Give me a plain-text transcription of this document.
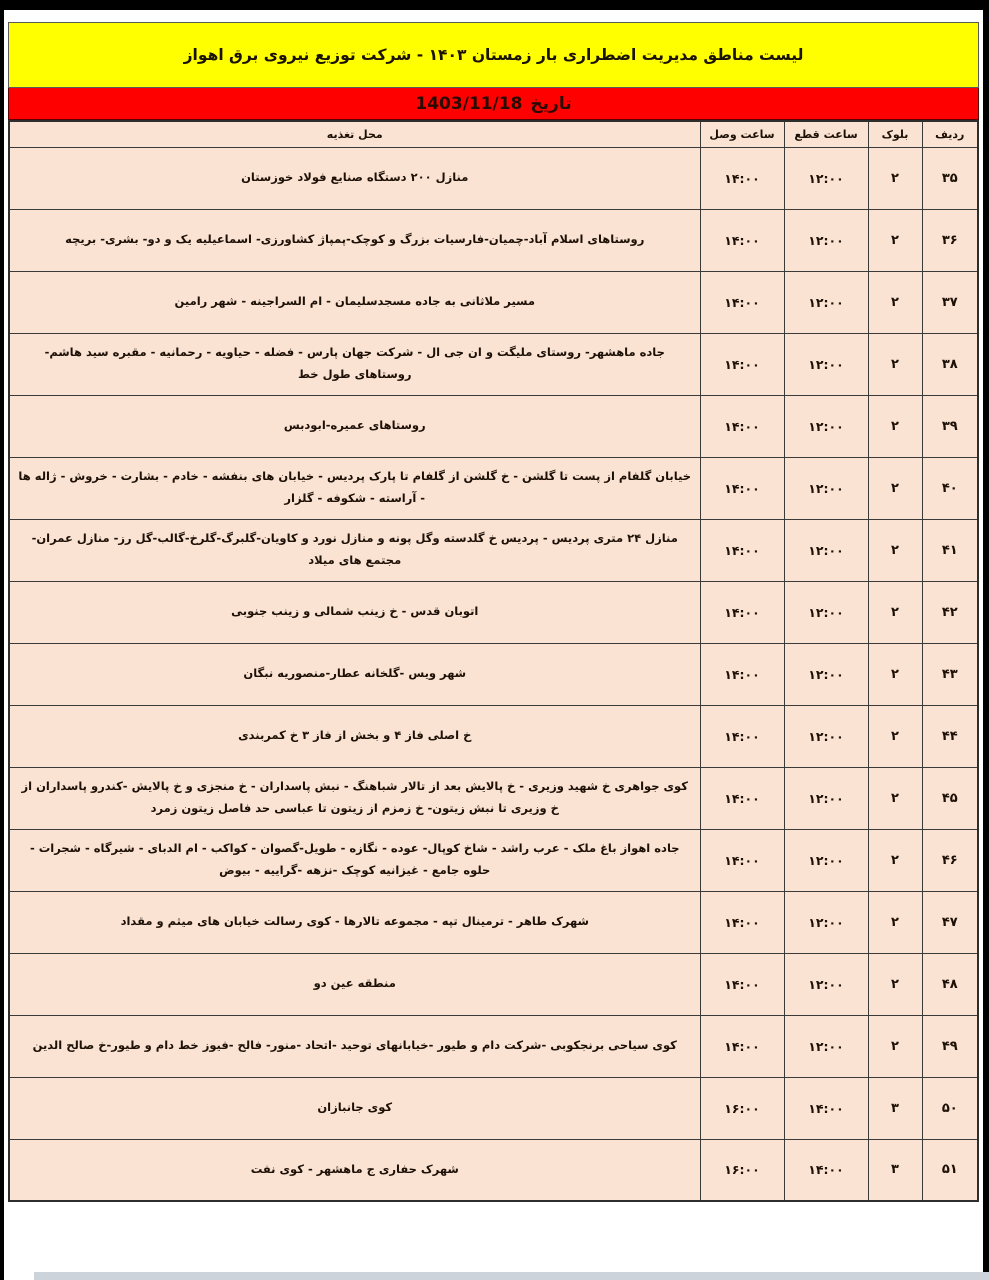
لیست مناطق مدیریت اضطراری بار زمستان ۱۴۰۳ - شرکت توزیع نیروی برق اهواز
تاریخ
1403/11/18
ردیف	بلوک	ساعت قطع	ساعت وصل	محل تغذیه
۳۵	۲	۱۲:۰۰	۱۴:۰۰	منازل ۲۰۰ دستگاه صنایع فولاد خوزستان
۳۶	۲	۱۲:۰۰	۱۴:۰۰	روستاهای اسلام آباد-چمیان-فارسیات بزرگ و کوچک-پمپاژ کشاورزی- اسماعیلیه یک و دو- بشری- بریچه
۳۷	۲	۱۲:۰۰	۱۴:۰۰	مسیر ملاثانی به جاده مسجدسلیمان - ام السراجینه - شهر رامین
۳۸	۲	۱۲:۰۰	۱۴:۰۰	جاده ماهشهر- روستای ملیگت و ان جی ال - شرکت جهان پارس - فضله - حیاویه - رحمانیه - مقبره سید هاشم- روستاهای طول خط
۳۹	۲	۱۲:۰۰	۱۴:۰۰	روستاهای عمیره-ابودبس
۴۰	۲	۱۲:۰۰	۱۴:۰۰	خیابان گلفام از پست تا گلشن - خ گلشن از گلفام تا پارک پردیس - خیابان های بنفشه - خادم - بشارت - خروش - ژاله ها - آراسته - شکوفه - گلزار
۴۱	۲	۱۲:۰۰	۱۴:۰۰	منازل ۲۴ متری پردیس - پردیس خ گلدسته وگل پونه و منازل نورد و کاویان-گلبرگ-گلرخ-گالب-گل رز- منازل عمران-مجتمع های میلاد
۴۲	۲	۱۲:۰۰	۱۴:۰۰	اتوبان قدس - خ زینب شمالی و زینب جنوبی
۴۳	۲	۱۲:۰۰	۱۴:۰۰	شهر ویس -گلخانه عطار-منصوریه نبگان
۴۴	۲	۱۲:۰۰	۱۴:۰۰	خ اصلی فاز ۴ و بخش از فاز ۳ خ کمربندی
۴۵	۲	۱۲:۰۰	۱۴:۰۰	کوی جواهری خ شهید وزیری - خ پالایش بعد از تالار شباهنگ - نبش پاسداران - خ منجزی و خ پالایش -کندرو پاسداران از خ وزیری تا نبش زیتون- خ زمزم از زیتون تا عباسی حد فاصل زیتون زمرد
۴۶	۲	۱۲:۰۰	۱۴:۰۰	جاده اهواز باغ ملک - عرب راشد - شاخ کوپال- عوده - نگازه - طویل-گصوان - کواکب - ام الدبای - شیرگاه - شجرات - حلوه جامع - غیزانیه کوچک -نزهه -گراییه - بیوض
۴۷	۲	۱۲:۰۰	۱۴:۰۰	شهرک طاهر - ترمینال تپه - مجموعه تالارها - کوی رسالت خیابان های میثم و مقداد
۴۸	۲	۱۲:۰۰	۱۴:۰۰	منطقه عین دو
۴۹	۲	۱۲:۰۰	۱۴:۰۰	کوی سیاحی برنجکوبی -شرکت دام و طیور -خیابانهای توحید -اتحاد -منور- فالح -فیوز خط دام و طیور-خ صالح الدین
۵۰	۳	۱۴:۰۰	۱۶:۰۰	کوی جانبازان
۵۱	۳	۱۴:۰۰	۱۶:۰۰	شهرک حفاری ج ماهشهر - کوی نفت
